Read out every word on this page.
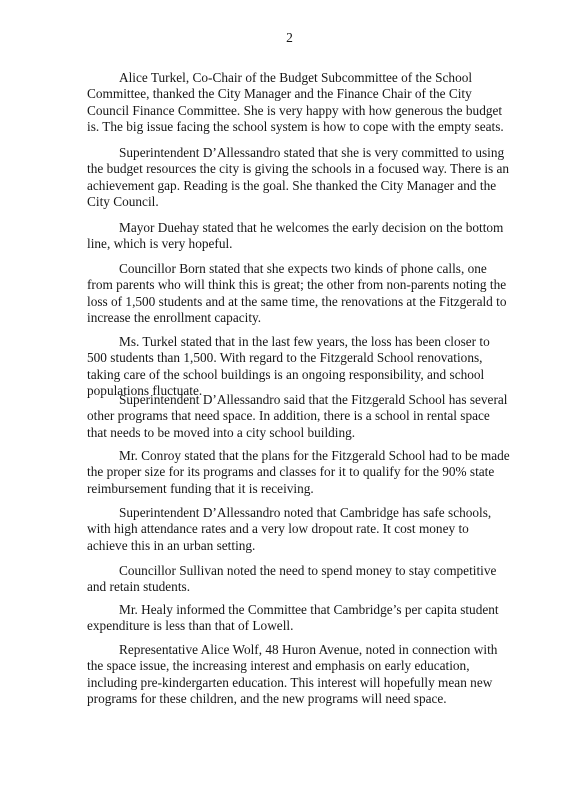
2

Alice Turkel, Co-Chair of the Budget Subcommittee of the School Committee, thanked the City Manager and the Finance Chair of the City Council Finance Committee. She is very happy with how generous the budget is. The big issue facing the school system is how to cope with the empty seats.

Superintendent D’Allessandro stated that she is very committed to using the budget resources the city is giving the schools in a focused way. There is an achievement gap. Reading is the goal. She thanked the City Manager and the City Council.

Mayor Duehay stated that he welcomes the early decision on the bottom line, which is very hopeful.

Councillor Born stated that she expects two kinds of phone calls, one from parents who will think this is great; the other from non-parents noting the loss of 1,500 students and at the same time, the renovations at the Fitzgerald to increase the enrollment capacity.

Ms. Turkel stated that in the last few years, the loss has been closer to 500 students than 1,500. With regard to the Fitzgerald School renovations, taking care of the school buildings is an ongoing responsibility, and school populations fluctuate.

Superintendent D’Allessandro said that the Fitzgerald School has several other programs that need space. In addition, there is a school in rental space that needs to be moved into a city school building.

Mr. Conroy stated that the plans for the Fitzgerald School had to be made the proper size for its programs and classes for it to qualify for the 90% state reimbursement funding that it is receiving.

Superintendent D’Allessandro noted that Cambridge has safe schools, with high attendance rates and a very low dropout rate. It cost money to achieve this in an urban setting.

Councillor Sullivan noted the need to spend money to stay competitive and retain students.

Mr. Healy informed the Committee that Cambridge’s per capita student expenditure is less than that of Lowell.

Representative Alice Wolf, 48 Huron Avenue, noted in connection with the space issue, the increasing interest and emphasis on early education, including pre-kindergarten education. This interest will hopefully mean new programs for these children, and the new programs will need space.
